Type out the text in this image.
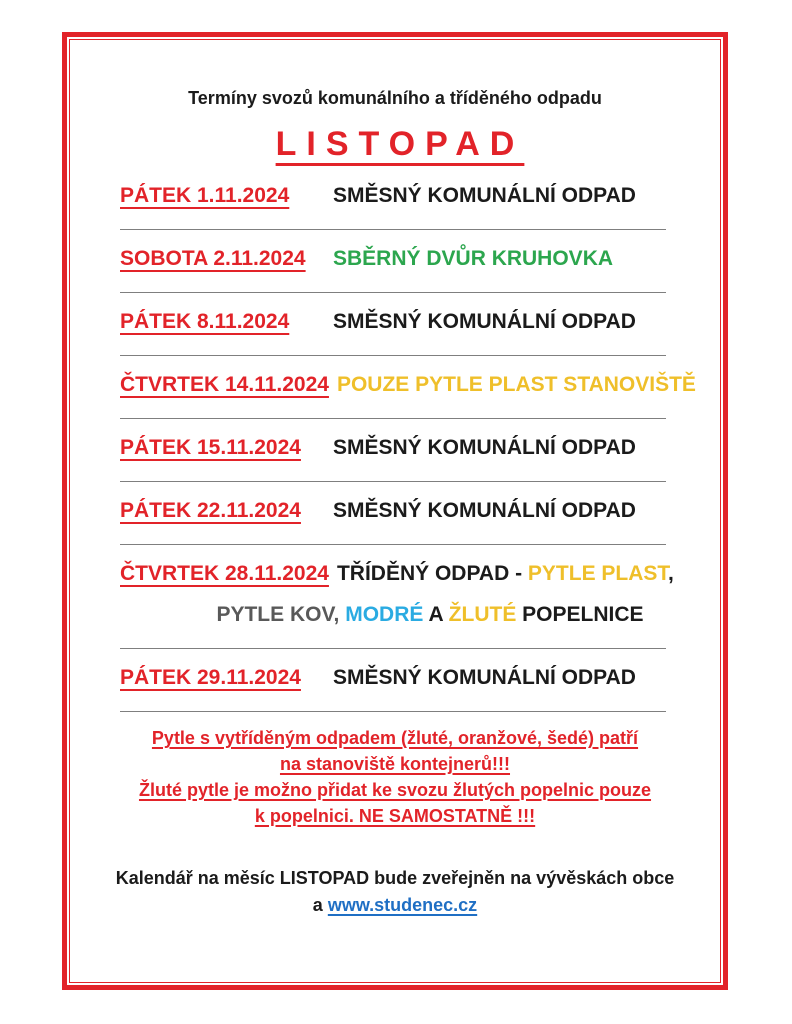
Termíny svozů komunálního a tříděného odpadu
LISTOPAD
PÁTEK 1.11.2024	SMĚSNÝ KOMUNÁLNÍ ODPAD
SOBOTA 2.11.2024	SBĚRNÝ DVŮR KRUHOVKA
PÁTEK 8.11.2024	SMĚSNÝ KOMUNÁLNÍ ODPAD
ČTVRTEK 14.11.2024 POUZE PYTLE PLAST STANOVIŠTĚ
PÁTEK 15.11.2024	SMĚSNÝ KOMUNÁLNÍ ODPAD
PÁTEK 22.11.2024	SMĚSNÝ KOMUNÁLNÍ ODPAD
ČTVRTEK 28.11.2024 TŘÍDĚNÝ ODPAD - PYTLE PLAST,
PYTLE KOV, MODRÉ A ŽLUTÉ POPELNICE
PÁTEK 29.11.2024	SMĚSNÝ KOMUNÁLNÍ ODPAD
Pytle s vytříděným odpadem (žluté, oranžové, šedé) patří
na stanoviště kontejnerů!!!
Žluté pytle je možno přidat ke svozu žlutých popelnic pouze
k popelnici. NE SAMOSTATNĚ !!!
Kalendář na měsíc LISTOPAD bude zveřejněn na vývěskách obce
a www.studenec.cz
